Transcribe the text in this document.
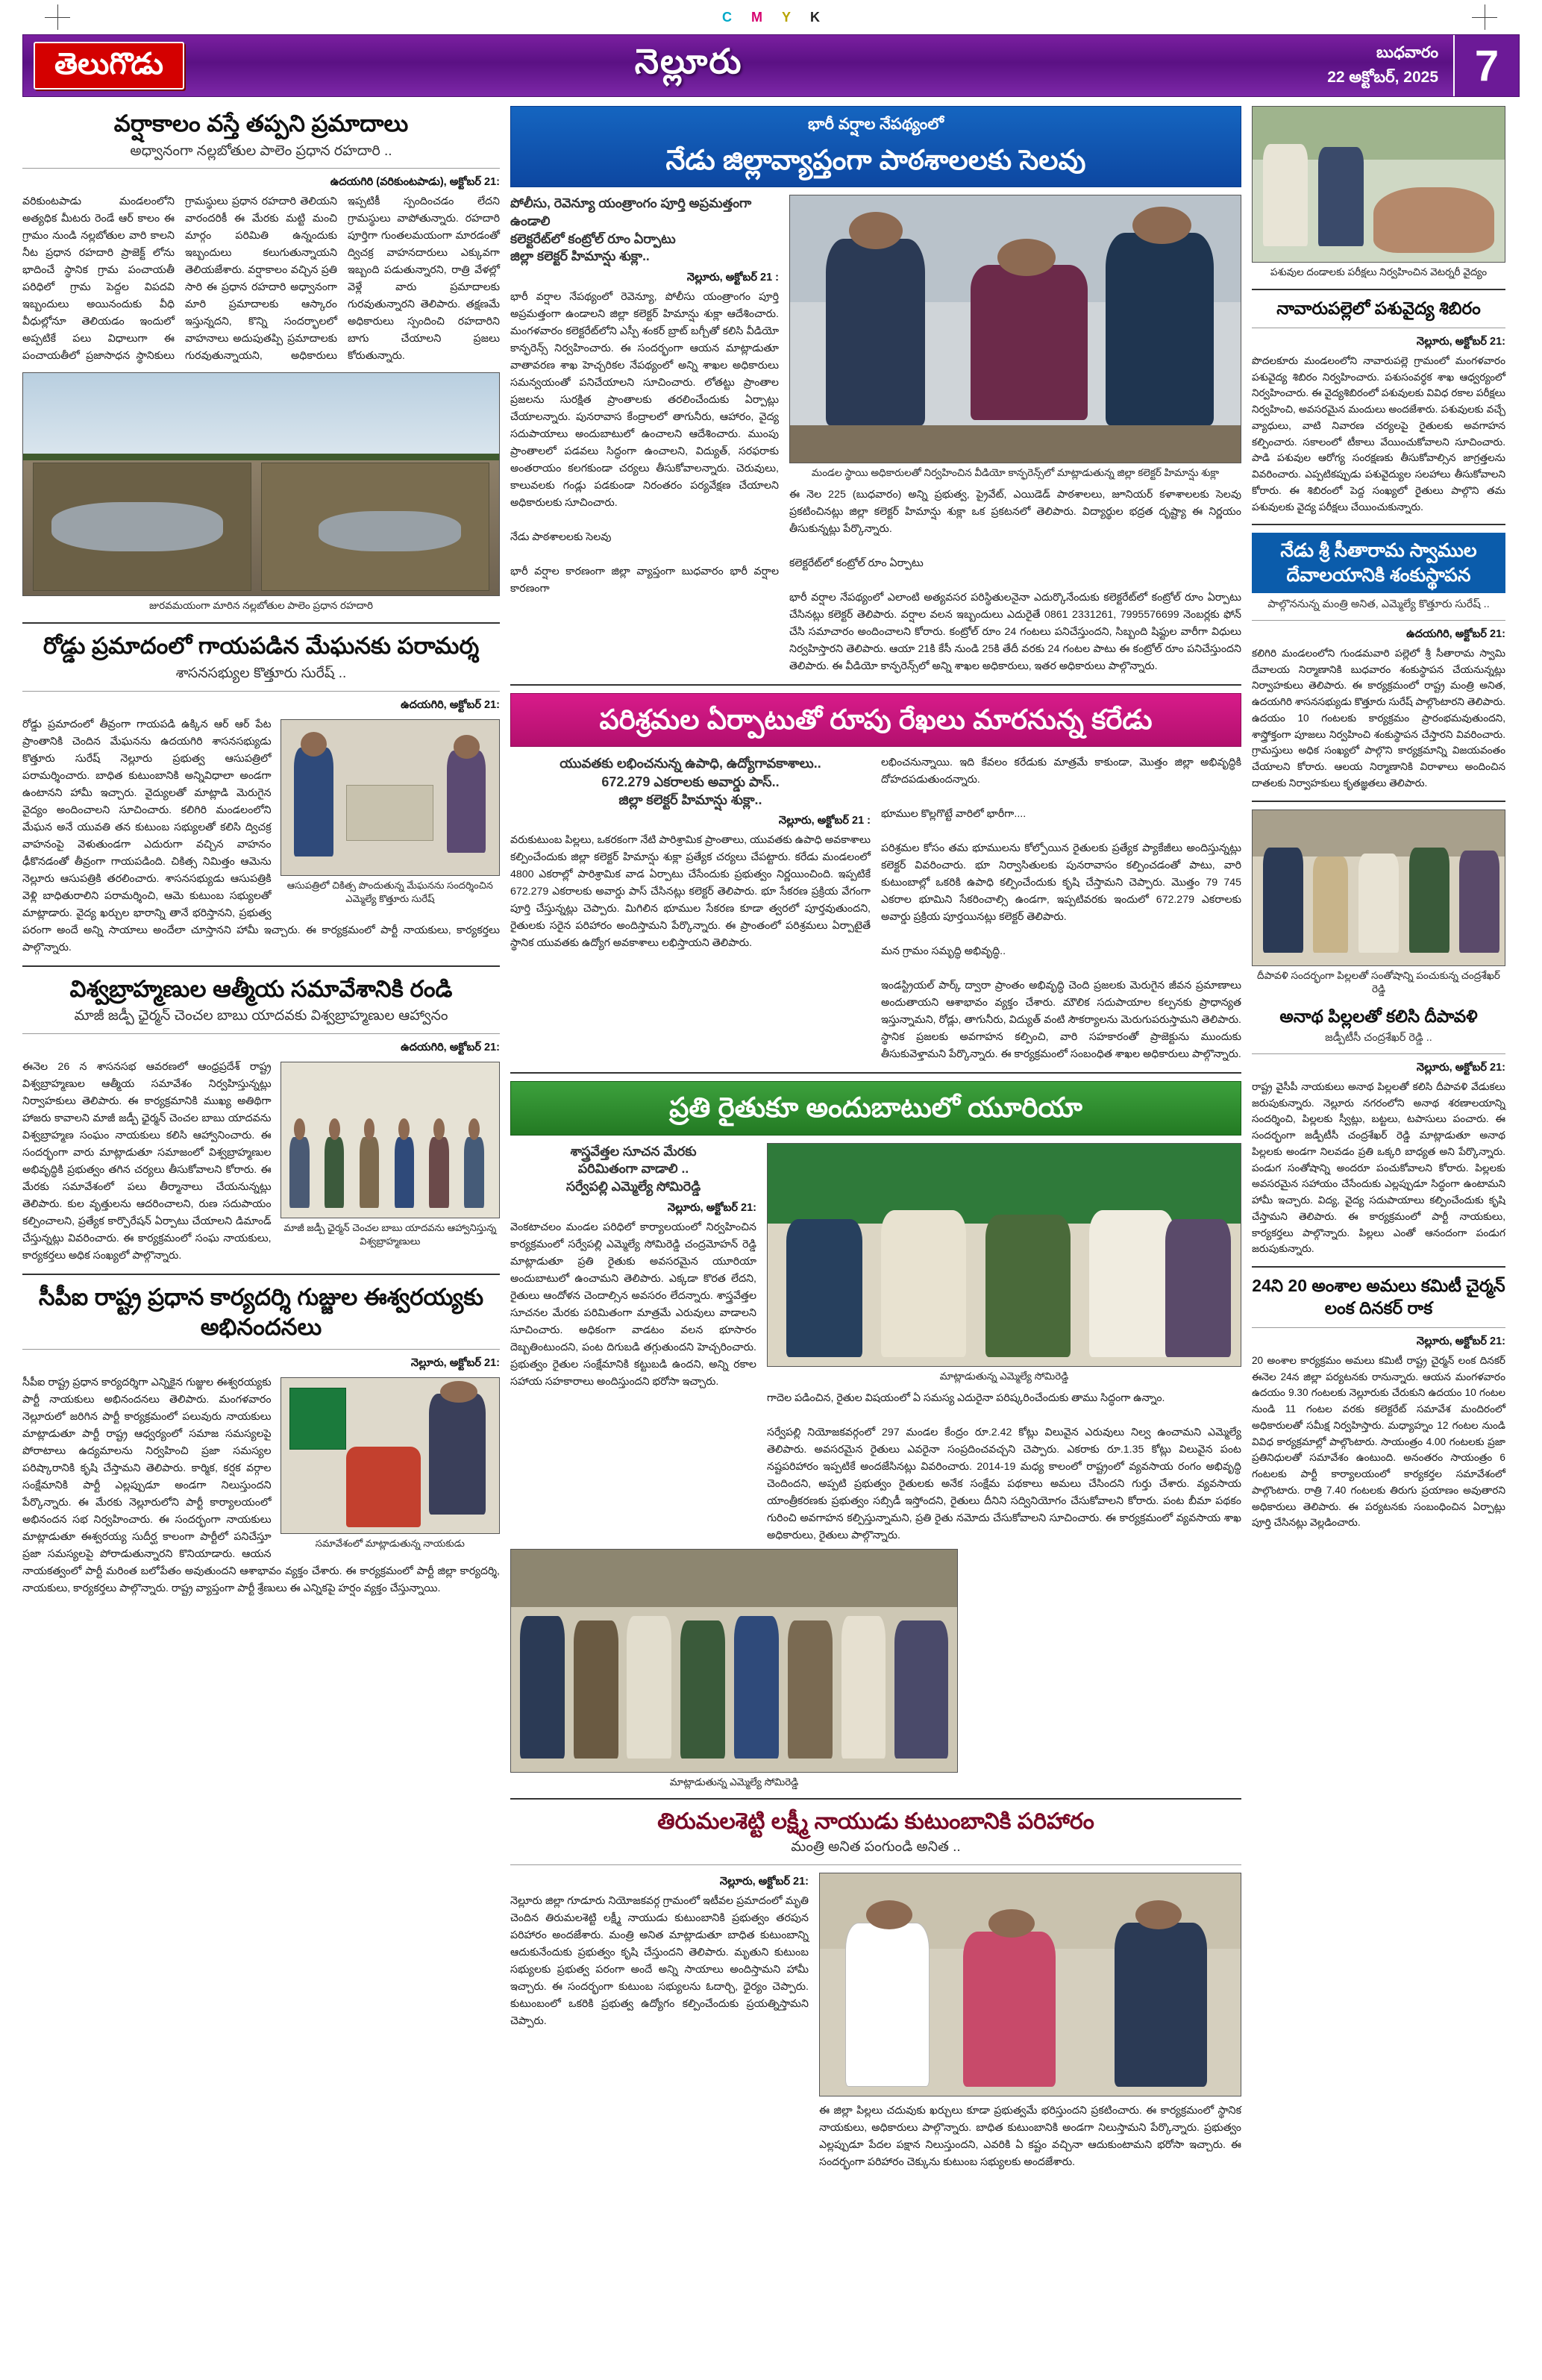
C M Y K
తెలుగొడు	నెల్లూరు	బుధవారం
22 అక్టోబర్, 2025 7
వర్షాకాలం వస్తే తప్పని ప్రమాదాలు
అధ్వానంగా నల్లబోతుల పాలెం ప్రధాన రహదారి ..
ఉదయగిరి (వరికుంటపాడు), అక్టోబర్ 21:
వరికుంటపాడు మండలంలోని అత్యధిక మీటరు రెండే ఆర్ కాలం ఈ గ్రామం నుండి నల్లబోతుల వారి కాలని నీట ప్రధాన రహదారి ప్రాజెక్ట్ లోను భాదించే స్థానిక గ్రామ పంచాయతీ పరిధిలో గ్రామ పెద్దల విపదవి ఇబ్బందులు అయినందుకు వీధి వీధుల్లోనూ తెలియడం ఇందులో అప్పటికే పలు విధాలుగా ఈ పంచాయతీలో ప్రజాసాధన స్థానికులు గ్రామస్థులు ప్రధాన రహదారి తెలియని వారందరికీ ఈ మేరకు మట్టి మంచి మార్గం పరిమితి ఉన్నందుకు ఇబ్బందులు కలుగుతున్నాయని తెలియజేశారు. వర్షాకాలం వచ్చిన ప్రతి సారి ఈ ప్రధాన రహదారి అధ్వానంగా మారి ప్రమాదాలకు ఆస్కారం ఇస్తున్నదని, కొన్ని సందర్భాలలో వాహనాలు అదుపుతప్పి ప్రమాదాలకు గురవుతున్నాయని, అధికారులు ఇప్పటికీ స్పందించడం లేదని గ్రామస్థులు వాపోతున్నారు. రహదారి పూర్తిగా గుంతలమయంగా మారడంతో ద్విచక్ర వాహనదారులు ఎక్కువగా ఇబ్బంది పడుతున్నారని, రాత్రి వేళల్లో వెళ్లే వారు ప్రమాదాలకు గురవుతున్నారని తెలిపారు. తక్షణమే అధికారులు స్పందించి రహదారిని బాగు చేయాలని ప్రజలు కోరుతున్నారు.
జురవమయంగా మారిన నల్లబోతుల పాలెం ప్రధాన రహదారి
రోడ్డు ప్రమాదంలో గాయపడిన మేఘనకు పరామర్శ
శాసనసభ్యుల కొత్తూరు సురేష్ ..
ఉదయగిరి, అక్టోబర్ 21:
ఆసుపత్రిలో చికిత్స పొందుతున్న మేఘనను సందర్శించిన ఎమ్మెల్యే కొత్తూరు సురేష్
రోడ్డు ప్రమాదంలో తీవ్రంగా గాయపడి ఉక్కిన ఆర్ ఆర్ పేట ప్రాంతానికి చెందిన మేఘనను ఉదయగిరి శాసనసభ్యుడు కొత్తూరు సురేష్ నెల్లూరు ప్రభుత్వ ఆసుపత్రిలో పరామర్శించారు. బాధిత కుటుంబానికి అన్నివిధాలా అండగా ఉంటానని హామీ ఇచ్చారు. వైద్యులతో మాట్లాడి మెరుగైన వైద్యం అందించాలని సూచించారు. కలిగిరి మండలంలోని మేఘన అనే యువతి తన కుటుంబ సభ్యులతో కలిసి ద్విచక్ర వాహనంపై వెళుతుండగా ఎదురుగా వచ్చిన వాహనం ఢీకొనడంతో తీవ్రంగా గాయపడింది. చికిత్స నిమిత్తం ఆమెను నెల్లూరు ఆసుపత్రికి తరలించారు. శాసనసభ్యుడు ఆసుపత్రికి వెళ్లి బాధితురాలిని పరామర్శించి, ఆమె కుటుంబ సభ్యులతో మాట్లాడారు. వైద్య ఖర్చుల భారాన్ని తానే భరిస్తానని, ప్రభుత్వ పరంగా అందే అన్ని సాయాలు అందేలా చూస్తానని హామీ ఇచ్చారు. ఈ కార్యక్రమంలో పార్టీ నాయకులు, కార్యకర్తలు పాల్గొన్నారు.
విశ్వబ్రాహ్మణుల ఆత్మీయ సమావేశానికి రండి
మాజీ జడ్పీ ఛైర్మన్ చెంచల బాబు యాదవకు విశ్వబ్రాహ్మణుల ఆహ్వానం
ఉదయగిరి, అక్టోబర్ 21:
మాజీ జడ్పీ ఛైర్మన్ చెంచల బాబు యాదవను ఆహ్వానిస్తున్న విశ్వబ్రాహ్మణులు
ఈనెల 26 న శాసనసభ ఆవరణలో ఆంధ్రప్రదేశ్ రాష్ట్ర విశ్వబ్రాహ్మణుల ఆత్మీయ సమావేశం నిర్వహిస్తున్నట్లు నిర్వాహకులు తెలిపారు. ఈ కార్యక్రమానికి ముఖ్య అతిథిగా హాజరు కావాలని మాజీ జడ్పీ ఛైర్మన్ చెంచల బాబు యాదవను విశ్వబ్రాహ్మణ సంఘం నాయకులు కలిసి ఆహ్వానించారు. ఈ సందర్భంగా వారు మాట్లాడుతూ సమాజంలో విశ్వబ్రాహ్మణుల అభివృద్ధికి ప్రభుత్వం తగిన చర్యలు తీసుకోవాలని కోరారు. ఈ మేరకు సమావేశంలో పలు తీర్మానాలు చేయనున్నట్లు తెలిపారు. కుల వృత్తులను ఆదరించాలని, రుణ సదుపాయం కల్పించాలని, ప్రత్యేక కార్పొరేషన్ ఏర్పాటు చేయాలని డిమాండ్ చేస్తున్నట్లు వివరించారు. ఈ కార్యక్రమంలో సంఘ నాయకులు, కార్యకర్తలు అధిక సంఖ్యలో పాల్గొన్నారు.
సీపీఐ రాష్ట్ర ప్రధాన కార్యదర్శి గుజ్జుల ఈశ్వరయ్యకు అభినందనలు
నెల్లూరు, అక్టోబర్ 21:
సమావేశంలో మాట్లాడుతున్న నాయకుడు
సీపీఐ రాష్ట్ర ప్రధాన కార్యదర్శిగా ఎన్నికైన గుజ్జుల ఈశ్వరయ్యకు పార్టీ నాయకులు అభినందనలు తెలిపారు. మంగళవారం నెల్లూరులో జరిగిన పార్టీ కార్యక్రమంలో పలువురు నాయకులు మాట్లాడుతూ పార్టీ రాష్ట్ర ఆధ్వర్యంలో సమాజ సమస్యలపై పోరాటాలు ఉద్యమాలను నిర్వహించి ప్రజా సమస్యల పరిష్కారానికి కృషి చేస్తామని తెలిపారు. కార్మిక, కర్షక వర్గాల సంక్షేమానికి పార్టీ ఎల్లప్పుడూ అండగా నిలుస్తుందని పేర్కొన్నారు. ఈ మేరకు నెల్లూరులోని పార్టీ కార్యాలయంలో అభినందన సభ నిర్వహించారు. ఈ సందర్భంగా నాయకులు మాట్లాడుతూ ఈశ్వరయ్య సుదీర్ఘ కాలంగా పార్టీలో పనిచేస్తూ ప్రజా సమస్యలపై పోరాడుతున్నారని కొనియాడారు. ఆయన నాయకత్వంలో పార్టీ మరింత బలోపేతం అవుతుందని ఆశాభావం వ్యక్తం చేశారు. ఈ కార్యక్రమంలో పార్టీ జిల్లా కార్యదర్శి, నాయకులు, కార్యకర్తలు పాల్గొన్నారు. రాష్ట్ర వ్యాప్తంగా పార్టీ శ్రేణులు ఈ ఎన్నికపై హర్షం వ్యక్తం చేస్తున్నాయి.
భారీ వర్షాల నేపథ్యంలో
నేడు జిల్లావ్యాప్తంగా పాఠశాలలకు సెలవు
పోలీసు, రెవెన్యూ యంత్రాంగం పూర్తి అప్రమత్తంగా ఉండాలి
కలెక్టరేట్‌లో కంట్రోల్ రూం ఏర్పాటు
జిల్లా కలెక్టర్ హిమాన్షు శుక్లా..
నెల్లూరు, అక్టోబర్ 21 :
భారీ వర్షాల నేపథ్యంలో రెవెన్యూ, పోలీసు యంత్రాంగం పూర్తి అప్రమత్తంగా ఉండాలని జిల్లా కలెక్టర్ హిమాన్షు శుక్లా ఆదేశించారు. మంగళవారం కలెక్టరేట్‌లోని ఎస్పీ శంకర్ బ్రాట్ బగ్చీతో కలిసి వీడియో కాన్ఫరెన్స్ నిర్వహించారు. ఈ సందర్భంగా ఆయన మాట్లాడుతూ వాతావరణ శాఖ హెచ్చరికల నేపథ్యంలో అన్ని శాఖల అధికారులు సమన్వయంతో పనిచేయాలని సూచించారు. లోతట్టు ప్రాంతాల ప్రజలను సురక్షిత ప్రాంతాలకు తరలించేందుకు ఏర్పాట్లు చేయాలన్నారు. పునరావాస కేంద్రాలలో తాగునీరు, ఆహారం, వైద్య సదుపాయాలు అందుబాటులో ఉంచాలని ఆదేశించారు. ముంపు ప్రాంతాలలో పడవలు సిద్ధంగా ఉంచాలని, విద్యుత్, సరఫరాకు అంతరాయం కలగకుండా చర్యలు తీసుకోవాలన్నారు. చెరువులు, కాలువలకు గండ్లు పడకుండా నిరంతరం పర్యవేక్షణ చేయాలని అధికారులకు సూచించారు.

నేడు పాఠశాలలకు సెలవు

భారీ వర్షాల కారణంగా జిల్లా వ్యాప్తంగా బుధవారం భారీ వర్షాల కారణంగా
మండల స్థాయి అధికారులతో నిర్వహించిన వీడియో కాన్ఫరెన్స్‌లో మాట్లాడుతున్న జిల్లా కలెక్టర్ హిమాన్షు శుక్లా
ఈ నెల 225 (బుధవారం) అన్ని ప్రభుత్వ, ప్రైవేట్, ఎయిడెడ్ పాఠశాలలు, జూనియర్ కళాశాలలకు సెలవు ప్రకటించినట్లు జిల్లా కలెక్టర్ హిమాన్షు శుక్లా ఒక ప్రకటనలో తెలిపారు. విద్యార్థుల భద్రత దృష్ట్యా ఈ నిర్ణయం తీసుకున్నట్లు పేర్కొన్నారు.

కలెక్టరేట్‌లో కంట్రోల్ రూం ఏర్పాటు

భారీ వర్షాల నేపథ్యంలో ఎలాంటి అత్యవసర పరిస్థితులనైనా ఎదుర్కొనేందుకు కలెక్టరేట్‌లో కంట్రోల్ రూం ఏర్పాటు చేసినట్లు కలెక్టర్ తెలిపారు. వర్షాల వలన ఇబ్బందులు ఎదురైతే 0861 2331261, 7995576699 నెంబర్లకు ఫోన్ చేసి సమాచారం అందించాలని కోరారు. కంట్రోల్ రూం 24 గంటలు పనిచేస్తుందని, సిబ్బంది షిఫ్టుల వారీగా విధులు నిర్వహిస్తారని తెలిపారు. ఆయా 21కి కేసీ నుండి 25కి తేదీ వరకు 24 గంటల పాటు ఈ కంట్రోల్ రూం పనిచేస్తుందని తెలిపారు. ఈ వీడియో కాన్ఫరెన్స్‌లో అన్ని శాఖల అధికారులు, ఇతర అధికారులు పాల్గొన్నారు.
పరిశ్రమల ఏర్పాటుతో రూపు రేఖలు మారనున్న కరేడు
యువతకు లభించనున్న ఉపాధి, ఉద్యోగావకాశాలు..
672.279 ఎకరాలకు అవార్డు పాస్..
జిల్లా కలెక్టర్ హిమాన్షు శుక్లా..
నెల్లూరు, అక్టోబర్ 21 :
వరుకుటుంబ పిల్లలు, ఒకరకంగా నేటి పారిశ్రామిక ప్రాంతాలు, యువతకు ఉపాధి అవకాశాలు కల్పించేందుకు జిల్లా కలెక్టర్ హిమాన్షు శుక్లా ప్రత్యేక చర్యలు చేపట్టారు. కరేడు మండలంలో 4800 ఎకరాల్లో పారిశ్రామిక వాడ ఏర్పాటు చేసేందుకు ప్రభుత్వం నిర్ణయించింది. ఇప్పటికే 672.279 ఎకరాలకు అవార్డు పాస్ చేసినట్లు కలెక్టర్ తెలిపారు. భూ సేకరణ ప్రక్రియ వేగంగా పూర్తి చేస్తున్నట్లు చెప్పారు. మిగిలిన భూముల సేకరణ కూడా త్వరలో పూర్తవుతుందని, రైతులకు సరైన పరిహారం అందిస్తామని పేర్కొన్నారు. ఈ ప్రాంతంలో పరిశ్రమలు ఏర్పాటైతే స్థానిక యువతకు ఉద్యోగ అవకాశాలు లభిస్తాయని తెలిపారు.
లభించనున్నాయి. ఇది కేవలం కరేడుకు మాత్రమే కాకుండా, మొత్తం జిల్లా అభివృద్ధికి దోహదపడుతుందన్నారు.

భూముల కొల్లగొట్టే వారిలో భారీగా....

పరిశ్రమల కోసం తమ భూములను కోల్పోయిన రైతులకు ప్రత్యేక ప్యాకేజీలు అందిస్తున్నట్లు కలెక్టర్ వివరించారు. భూ నిర్వాసితులకు పునరావాసం కల్పించడంతో పాటు, వారి కుటుంబాల్లో ఒకరికి ఉపాధి కల్పించేందుకు కృషి చేస్తామని చెప్పారు. మొత్తం 79 745 ఎకరాల భూమిని సేకరించాల్సి ఉండగా, ఇప్పటివరకు ఇందులో 672.279 ఎకరాలకు అవార్డు ప్రక్రియ పూర్తయినట్లు కలెక్టర్ తెలిపారు.

మన గ్రామం సమృద్ధి అభివృద్ధి..

ఇండస్ట్రియల్ పార్క్ ద్వారా ప్రాంతం అభివృద్ధి చెంది ప్రజలకు మెరుగైన జీవన ప్రమాణాలు అందుతాయని ఆశాభావం వ్యక్తం చేశారు. మౌలిక సదుపాయాల కల్పనకు ప్రాధాన్యత ఇస్తున్నామని, రోడ్లు, తాగునీరు, విద్యుత్ వంటి సౌకర్యాలను మెరుగుపరుస్తామని తెలిపారు. స్థానిక ప్రజలకు అవగాహన కల్పించి, వారి సహకారంతో ప్రాజెక్టును ముందుకు తీసుకువెళ్తామని పేర్కొన్నారు. ఈ కార్యక్రమంలో సంబంధిత శాఖల అధికారులు పాల్గొన్నారు.
ప్రతి రైతుకూ అందుబాటులో యూరియా
శాస్త్రవేత్తల సూచన మేరకు
పరిమితంగా వాడాలి ..
సర్వేపల్లి ఎమ్మెల్యే సోమిరెడ్డి
నెల్లూరు, అక్టోబర్ 21:
వెంకటాచలం మండల పరిధిలో కార్యాలయంలో నిర్వహించిన కార్యక్రమంలో సర్వేపల్లి ఎమ్మెల్యే సోమిరెడ్డి చంద్రమోహన్ రెడ్డి మాట్లాడుతూ ప్రతి రైతుకు అవసరమైన యూరియా అందుబాటులో ఉంచామని తెలిపారు. ఎక్కడా కొరత లేదని, రైతులు ఆందోళన చెందాల్సిన అవసరం లేదన్నారు. శాస్త్రవేత్తల సూచనల మేరకు పరిమితంగా మాత్రమే ఎరువులు వాడాలని సూచించారు. అధికంగా వాడటం వలన భూసారం దెబ్బతింటుందని, పంట దిగుబడి తగ్గుతుందని హెచ్చరించారు. ప్రభుత్వం రైతుల సంక్షేమానికి కట్టుబడి ఉందని, అన్ని రకాల సహాయ సహకారాలు అందిస్తుందని భరోసా ఇచ్చారు.	మాట్లాడుతున్న ఎమ్మెల్యే సోమిరెడ్డి
గాదెల పడించిన, రైతుల విషయంలో ఏ సమస్య ఎదురైనా పరిష్కరించేందుకు తాము సిద్ధంగా ఉన్నాం.

సర్వేపల్లి నియోజకవర్గంలో 297 మండల కేంద్రం రూ.2.42 కోట్లు విలువైన ఎరువులు నిల్వ ఉంచామని ఎమ్మెల్యే తెలిపారు. అవసరమైన రైతులు ఎవరైనా సంప్రదించవచ్చని చెప్పారు. ఎకరాకు రూ.1.35 కోట్లు విలువైన పంట నష్టపరిహారం ఇప్పటికే అందజేసినట్లు వివరించారు. 2014-19 మధ్య కాలంలో రాష్ట్రంలో వ్యవసాయ రంగం అభివృద్ధి చెందిందని, అప్పటి ప్రభుత్వం రైతులకు అనేక సంక్షేమ పథకాలు అమలు చేసిందని గుర్తు చేశారు. వ్యవసాయ యాంత్రీకరణకు ప్రభుత్వం సబ్సిడీ ఇస్తోందని, రైతులు దీనిని సద్వినియోగం చేసుకోవాలని కోరారు. పంట బీమా పథకం గురించి అవగాహన కల్పిస్తున్నామని, ప్రతి రైతు నమోదు చేసుకోవాలని సూచించారు. ఈ కార్యక్రమంలో వ్యవసాయ శాఖ అధికారులు, రైతులు పాల్గొన్నారు.
మాట్లాడుతున్న ఎమ్మెల్యే సోమిరెడ్డి
తిరుమలశెట్టి లక్ష్మీ నాయుడు కుటుంబానికి పరిహారం
మంత్రి అనిత పంగుండి అనిత ..
నెల్లూరు, అక్టోబర్ 21:
నెల్లూరు జిల్లా గూడూరు నియోజకవర్గ గ్రామంలో ఇటీవల ప్రమాదంలో మృతి చెందిన తిరుమలశెట్టి లక్ష్మీ నాయుడు కుటుంబానికి ప్రభుత్వం తరపున పరిహారం అందజేశారు. మంత్రి అనిత మాట్లాడుతూ బాధిత కుటుంబాన్ని ఆదుకునేందుకు ప్రభుత్వం కృషి చేస్తుందని తెలిపారు. మృతుని కుటుంబ సభ్యులకు ప్రభుత్వ పరంగా అందే అన్ని సాయాలు అందిస్తామని హామీ ఇచ్చారు. ఈ సందర్భంగా కుటుంబ సభ్యులను ఓదార్చి, ధైర్యం చెప్పారు. కుటుంబంలో ఒకరికి ప్రభుత్వ ఉద్యోగం కల్పించేందుకు ప్రయత్నిస్తామని చెప్పారు.
ఈ జిల్లా పిల్లలు చదువుకు ఖర్చులు కూడా ప్రభుత్వమే భరిస్తుందని ప్రకటించారు. ఈ కార్యక్రమంలో స్థానిక నాయకులు, అధికారులు పాల్గొన్నారు. బాధిత కుటుంబానికి అండగా నిలుస్తామని పేర్కొన్నారు. ప్రభుత్వం ఎల్లప్పుడూ పేదల పక్షాన నిలుస్తుందని, ఎవరికి ఏ కష్టం వచ్చినా ఆదుకుంటామని భరోసా ఇచ్చారు. ఈ సందర్భంగా పరిహారం చెక్కును కుటుంబ సభ్యులకు అందజేశారు.
పశువుల దండాలకు పరీక్షలు నిర్వహించిన వెటర్నరీ వైద్యం
నావారుపల్లెలో పశువైద్య శిబిరం
నెల్లూరు, అక్టోబర్ 21:
పొదలకూరు మండలంలోని నావారుపల్లె గ్రామంలో మంగళవారం పశువైద్య శిబిరం నిర్వహించారు. పశుసంవర్ధక శాఖ ఆధ్వర్యంలో నిర్వహించారు. ఈ వైద్యశిబిరంలో పశువులకు వివిధ రకాల పరీక్షలు నిర్వహించి, అవసరమైన మందులు అందజేశారు. పశువులకు వచ్చే వ్యాధులు, వాటి నివారణ చర్యలపై రైతులకు అవగాహన కల్పించారు. సకాలంలో టీకాలు వేయించుకోవాలని సూచించారు. పాడి పశువుల ఆరోగ్య సంరక్షణకు తీసుకోవాల్సిన జాగ్రత్తలను వివరించారు. ఎప్పటికప్పుడు పశువైద్యుల సలహాలు తీసుకోవాలని కోరారు. ఈ శిబిరంలో పెద్ద సంఖ్యలో రైతులు పాల్గొని తమ పశువులకు వైద్య పరీక్షలు చేయించుకున్నారు.
నేడు శ్రీ సీతారామ స్వాముల దేవాలయానికి శంకుస్థాపన
పాల్గొననున్న మంత్రి అనిత, ఎమ్మెల్యే కొత్తూరు సురేష్ ..
ఉదయగిరి, అక్టోబర్ 21:
కలిగిరి మండలంలోని గుండమవారి పల్లెలో శ్రీ సీతారామ స్వామి దేవాలయ నిర్మాణానికి బుధవారం శంకుస్థాపన చేయనున్నట్లు నిర్వాహకులు తెలిపారు. ఈ కార్యక్రమంలో రాష్ట్ర మంత్రి అనిత, ఉదయగిరి శాసనసభ్యుడు కొత్తూరు సురేష్ పాల్గొంటారని తెలిపారు. ఉదయం 10 గంటలకు కార్యక్రమం ప్రారంభమవుతుందని, శాస్త్రోక్తంగా పూజలు నిర్వహించి శంకుస్థాపన చేస్తారని వివరించారు. గ్రామస్తులు అధిక సంఖ్యలో పాల్గొని కార్యక్రమాన్ని విజయవంతం చేయాలని కోరారు. ఆలయ నిర్మాణానికి విరాళాలు అందించిన దాతలకు నిర్వాహకులు కృతజ్ఞతలు తెలిపారు.
దీపావళి సందర్భంగా పిల్లలతో సంతోషాన్ని పంచుకున్న చంద్రశేఖర్ రెడ్డి
అనాథ పిల్లలతో కలిసి దీపావళి
జడ్పీటీసీ చంద్రశేఖర్ రెడ్డి ..
నెల్లూరు, అక్టోబర్ 21:
రాష్ట్ర వైసీపీ నాయకులు అనాథ పిల్లలతో కలిసి దీపావళి వేడుకలు జరుపుకున్నారు. నెల్లూరు నగరంలోని అనాథ శరణాలయాన్ని సందర్శించి, పిల్లలకు స్వీట్లు, బట్టలు, టపాసులు పంచారు. ఈ సందర్భంగా జడ్పీటీసీ చంద్రశేఖర్ రెడ్డి మాట్లాడుతూ అనాథ పిల్లలకు అండగా నిలవడం ప్రతి ఒక్కరి బాధ్యత అని పేర్కొన్నారు. పండుగ సంతోషాన్ని అందరూ పంచుకోవాలని కోరారు. పిల్లలకు అవసరమైన సహాయం చేసేందుకు ఎల్లప్పుడూ సిద్ధంగా ఉంటామని హామీ ఇచ్చారు. విద్య, వైద్య సదుపాయాలు కల్పించేందుకు కృషి చేస్తామని తెలిపారు. ఈ కార్యక్రమంలో పార్టీ నాయకులు, కార్యకర్తలు పాల్గొన్నారు. పిల్లలు ఎంతో ఆనందంగా పండుగ జరుపుకున్నారు.
24ని 20 అంశాల అమలు కమిటీ చైర్మన్ లంక దినకర్ రాక
నెల్లూరు, అక్టోబర్ 21:
20 అంశాల కార్యక్రమం అమలు కమిటీ రాష్ట్ర చైర్మన్ లంక దినకర్ ఈనెల 24న జిల్లా పర్యటనకు రానున్నారు. ఆయన మంగళవారం ఉదయం 9.30 గంటలకు నెల్లూరుకు చేరుకుని ఉదయం 10 గంటల నుండి 11 గంటల వరకు కలెక్టరేట్ సమావేశ మందిరంలో అధికారులతో సమీక్ష నిర్వహిస్తారు. మధ్యాహ్నం 12 గంటల నుండి వివిధ కార్యక్రమాల్లో పాల్గొంటారు. సాయంత్రం 4.00 గంటలకు ప్రజా ప్రతినిధులతో సమావేశం ఉంటుంది. అనంతరం సాయంత్రం 6 గంటలకు పార్టీ కార్యాలయంలో కార్యకర్తల సమావేశంలో పాల్గొంటారు. రాత్రి 7.40 గంటలకు తిరుగు ప్రయాణం అవుతారని అధికారులు తెలిపారు. ఈ పర్యటనకు సంబంధించిన ఏర్పాట్లు పూర్తి చేసినట్లు వెల్లడించారు.
